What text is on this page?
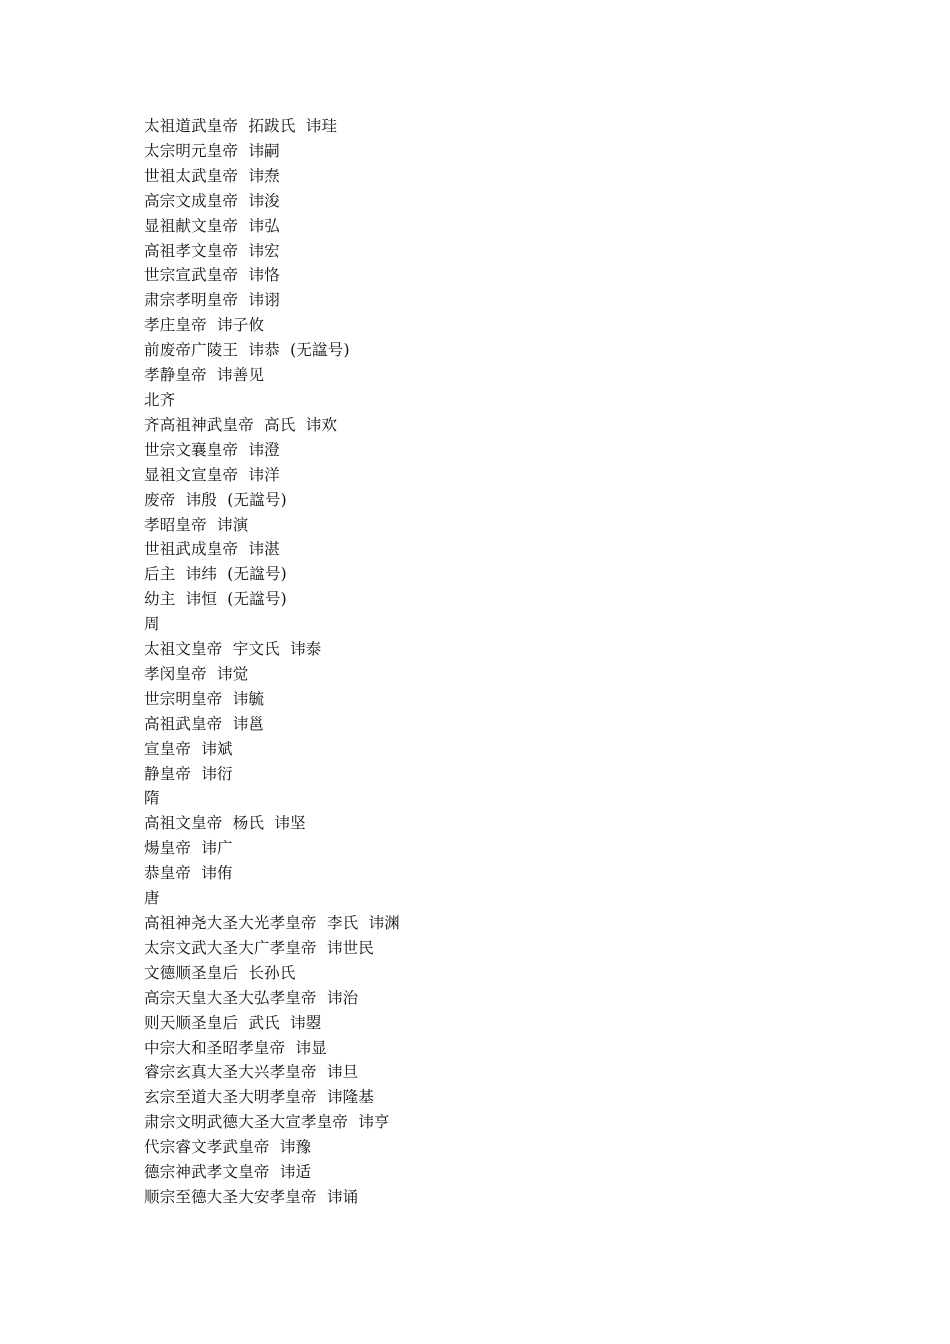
太祖道武皇帝  拓跋氏  讳珪
太宗明元皇帝  讳嗣
世祖太武皇帝  讳焘
高宗文成皇帝  讳浚
显祖献文皇帝  讳弘
高祖孝文皇帝  讳宏
世宗宣武皇帝  讳恪
肃宗孝明皇帝  讳诩
孝庄皇帝  讳子攸
前废帝广陵王  讳恭  (无諡号)
孝静皇帝  讳善见
北齐
齐高祖神武皇帝  高氏  讳欢
世宗文襄皇帝  讳澄
显祖文宣皇帝  讳洋
废帝  讳殷  (无諡号)
孝昭皇帝  讳演
世祖武成皇帝  讳湛
后主  讳纬  (无諡号)
幼主  讳恒  (无諡号)
周
太祖文皇帝  宇文氏  讳泰
孝闵皇帝  讳觉
世宗明皇帝  讳毓
高祖武皇帝  讳邕
宣皇帝  讳斌
静皇帝  讳衍
隋
高祖文皇帝  杨氏  讳坚
煬皇帝  讳广
恭皇帝  讳侑
唐
高祖神尧大圣大光孝皇帝  李氏  讳渊
太宗文武大圣大广孝皇帝  讳世民
文德顺圣皇后  长孙氏
高宗天皇大圣大弘孝皇帝  讳治
则天顺圣皇后  武氏  讳曌
中宗大和圣昭孝皇帝  讳显
睿宗玄真大圣大兴孝皇帝  讳旦
玄宗至道大圣大明孝皇帝  讳隆基
肃宗文明武德大圣大宣孝皇帝  讳亨
代宗睿文孝武皇帝  讳豫
德宗神武孝文皇帝  讳适
顺宗至德大圣大安孝皇帝  讳诵
